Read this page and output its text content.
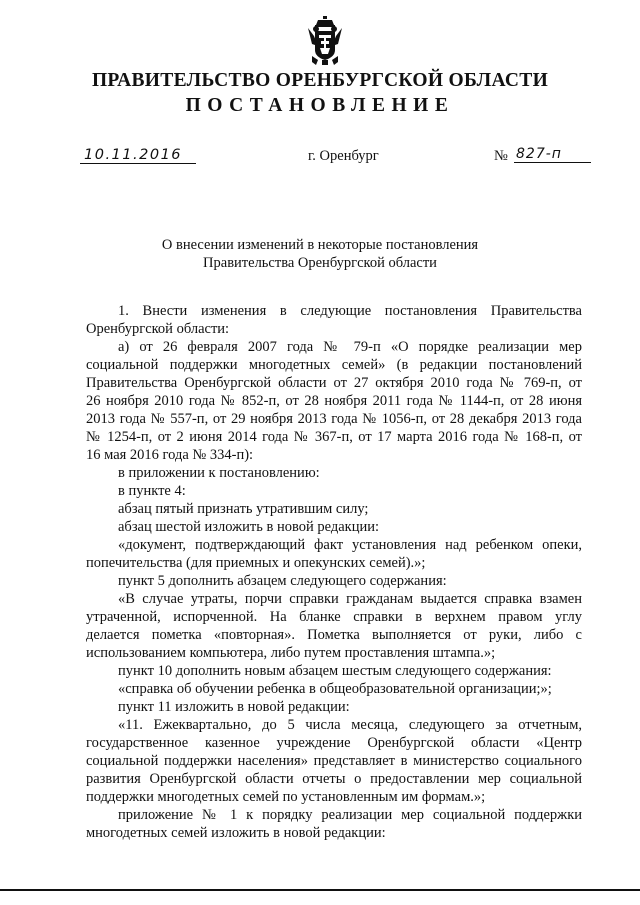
ПРАВИТЕЛЬСТВО ОРЕНБУРГСКОЙ ОБЛАСТИ
ПОСТАНОВЛЕНИЕ
10.11.2016	г. Оренбург	№ 827-п
О внесении изменений в некоторые постановления
Правительства Оренбургской области
1. Внести изменения в следующие постановления Правительства
Оренбургской области:
а) от 26 февраля 2007 года № 79-п «О порядке реализации мер
социальной поддержки многодетных семей» (в редакции постановлений
Правительства Оренбургской области от 27 октября 2010 года № 769-п, от
26 ноября 2010 года № 852-п, от 28 ноября 2011 года № 1144-п, от 28 июня
2013 года № 557-п, от 29 ноября 2013 года № 1056-п, от 28 декабря 2013 года
№ 1254-п, от 2 июня 2014 года № 367-п, от 17 марта 2016 года № 168-п, от
16 мая 2016 года № 334-п):
в приложении к постановлению:
в пункте 4:
абзац пятый признать утратившим силу;
абзац шестой изложить в новой редакции:
«документ, подтверждающий факт установления над ребенком опеки,
попечительства (для приемных и опекунских семей).»;
пункт 5 дополнить абзацем следующего содержания:
«В случае утраты, порчи справки гражданам выдается справка взамен
утраченной, испорченной. На бланке справки в верхнем правом углу
делается пометка «повторная». Пометка выполняется от руки, либо с
использованием компьютера, либо путем проставления штампа.»;
пункт 10 дополнить новым абзацем шестым следующего содержания:
«справка об обучении ребенка в общеобразовательной организации;»;
пункт 11 изложить в новой редакции:
«11. Ежеквартально, до 5 числа месяца, следующего за отчетным,
государственное казенное учреждение Оренбургской области «Центр
социальной поддержки населения» представляет в министерство социального
развития Оренбургской области отчеты о предоставлении мер социальной
поддержки многодетных семей по установленным им формам.»;
приложение № 1 к порядку реализации мер социальной поддержки
многодетных семей изложить в новой редакции:
